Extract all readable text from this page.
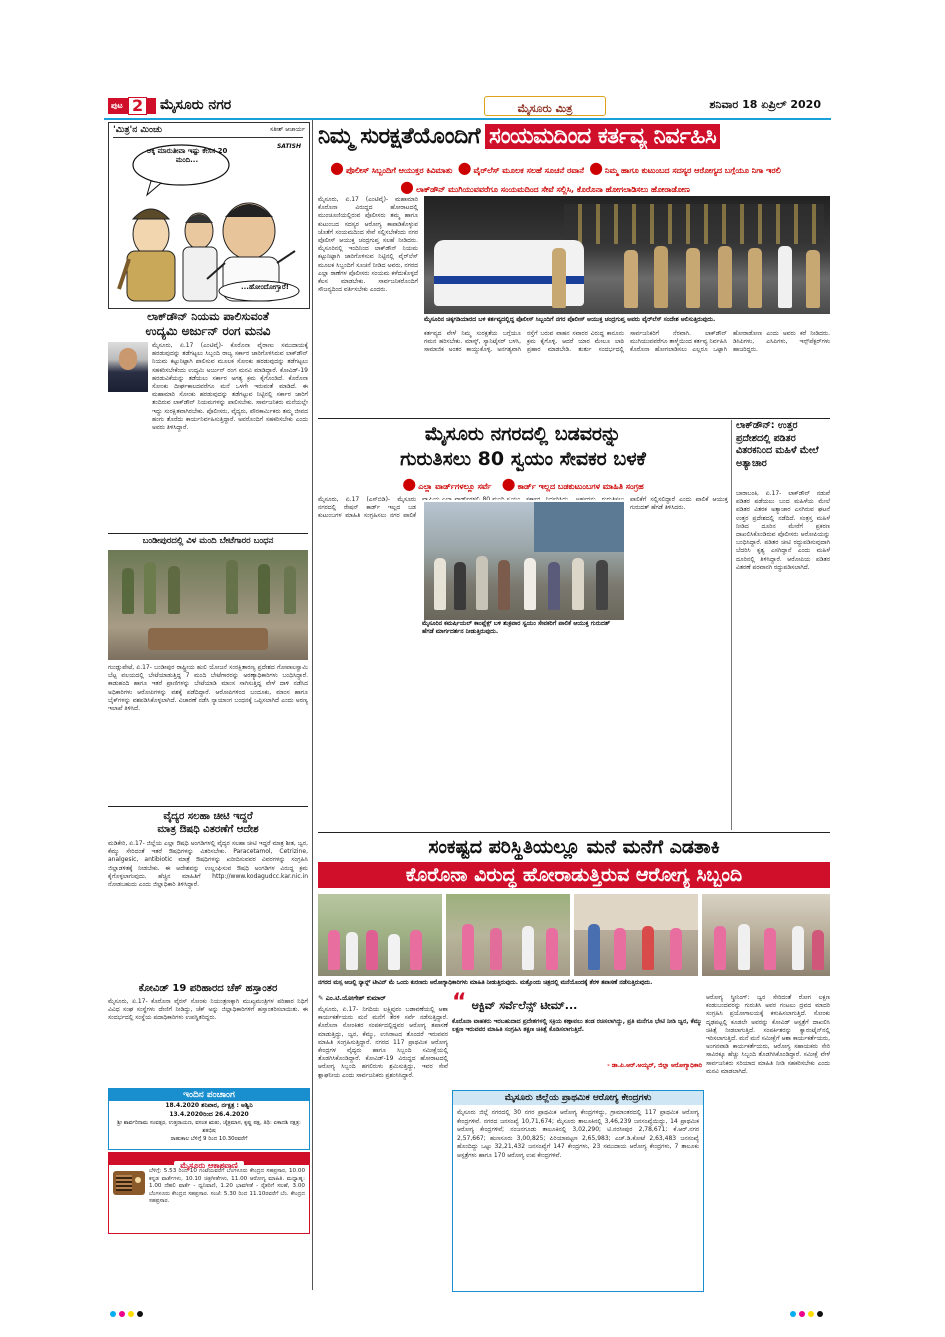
ಪುಟ 2 ಮೈಸೂರು ನಗರ	ಮೈಸೂರು ಮಿತ್ರ	ಶನಿವಾರ 18 ಏಪ್ರಿಲ್ 2020
'ಮಿತ್ರ'ನ ಮಿಂಚು	ಸತೀಶ್ ಆಚಾರ್ಯ
ಅಕ್ಕಿ ಮಾರುತೀವಾ ಇಷ್ಟು ಕೇಸಸ 20 ಮಂದಿ...
...ಹೋಂದೋಗ್ತಾರೆ!
SATISH
ಲಾಕ್‌ಡೌನ್ ನಿಯಮ ಪಾಲಿಸುವಂತೆ
ಉದ್ಯಮಿ ಅರ್ಜುನ್ ರಂಗ ಮನವಿ
ಮೈಸೂರು, ಏ.17 (ಎಂಟಿವೈ)- ಕೊರೊನಾ ವೈರಾಣು ಸಮುದಾಯಕ್ಕೆ ಹರಡುವುದನ್ನು ತಡೆಗಟ್ಟಲು ಸಿಬ್ಬಂದಿ ರಾಜ್ಯ ಸರ್ಕಾರ ಜಾರಿಗೊಳಿಸಿರುವ ಲಾಕ್‌ಡೌನ್ ನಿಯಮ ಕಟ್ಟುನಿಟ್ಟಾಗಿ ಪಾಲಿಸುವ ಮೂಲಕ ಸೋಂಕು ಹರಡುವುದನ್ನು ತಡೆಗಟ್ಟಲು ಸಹಕರಿಸಬೇಕೆಂದು ಉದ್ಯಮಿ ಅರ್ಜುನ್ ರಂಗ ಮನವಿ ಮಾಡಿದ್ದಾರೆ. ಕೋವಿಡ್-19 ಹರಡುವಿಕೆಯನ್ನು ತಡೆಯಲು ಸರ್ಕಾರ ಅಗತ್ಯ ಕ್ರಮ ಕೈಗೊಂಡಿದೆ. ಕೊರೊನಾ ಸೋಂಕು ದೀರ್ಘಕಾಲದವರೆಗೂ ಮನೆ ಒಳಗೇ ಇರುವಂತೆ ಮಾಡಿದೆ. ಈ ಮಹಾಮಾರಿ ಸೋಂಕು ಹರಡುವುದನ್ನು ತಡೆಗಟ್ಟುವ ನಿಟ್ಟಿನಲ್ಲಿ ಸರ್ಕಾರ ಜಾರಿಗೆ ತಂದಿರುವ ಲಾಕ್‌ಡೌನ್ ನಿಯಮಗಳನ್ನು ಪಾಲಿಸಬೇಕು. ಸಾರ್ವಜನಿಕರು ಮನೆಯಲ್ಲೇ ಇದ್ದು ಸುರಕ್ಷಿತವಾಗಿರಬೇಕು. ಪೊಲೀಸರು, ವೈದ್ಯರು, ಪೌರಕಾರ್ಮಿಕರು ತಮ್ಮ ಜೀವದ ಹಂಗು ತೊರೆದು ಕಾರ್ಯನಿರ್ವಹಿಸುತ್ತಿದ್ದಾರೆ. ಅವರೊಂದಿಗೆ ಸಹಕರಿಸಬೇಕು ಎಂದು ಅವರು ತಿಳಿಸಿದ್ದಾರೆ.
ಬಂಡೀಪುರದಲ್ಲಿ ವಿಳ ಮಂದಿ ಬೇಟೆಗಾರರ ಬಂಧನ
ಗುಂಡ್ಲುಪೇಟೆ, ಏ.17- ಬಂಡೀಪುರ ರಾಷ್ಟ್ರೀಯ ಹುಲಿ ಯೋಜನೆ ಸಂರಕ್ಷಿತಾರಣ್ಯ ಪ್ರದೇಶದ ಗೋಪಾಲಸ್ವಾಮಿ ಬೆಟ್ಟ ವಲಯದಲ್ಲಿ ಬೇಟೆಯಾಡುತ್ತಿದ್ದ 7 ಮಂದಿ ಬೇಟೆಗಾರರನ್ನು ಅರಣ್ಯಾಧಿಕಾರಿಗಳು ಬಂಧಿಸಿದ್ದಾರೆ. ಕಾಡುಹಂದಿ ಹಾಗೂ ಇತರೆ ಪ್ರಾಣಿಗಳನ್ನು ಬೇಟೆಯಾಡಿ ಮಾಂಸ ಸಾಗಿಸುತ್ತಿದ್ದ ವೇಳೆ ದಾಳಿ ನಡೆಸಿದ ಅಧಿಕಾರಿಗಳು ಆರೋಪಿಗಳನ್ನು ವಶಕ್ಕೆ ಪಡೆದಿದ್ದಾರೆ. ಆರೋಪಿಗಳಿಂದ ಬಂದೂಕು, ಮಾಂಸ ಹಾಗೂ ಬೈಕ್‌ಗಳನ್ನು ವಶಪಡಿಸಿಕೊಳ್ಳಲಾಗಿದೆ. ವಿಚಾರಣೆ ನಡೆಸಿ ನ್ಯಾಯಾಂಗ ಬಂಧನಕ್ಕೆ ಒಪ್ಪಿಸಲಾಗಿದೆ ಎಂದು ಅರಣ್ಯ ಇಲಾಖೆ ತಿಳಿಸಿದೆ.
ವೈದ್ಯರ ಸಲಹಾ ಚೀಟಿ ಇದ್ದರೆ
ಮಾತ್ರ ಔಷಧಿ ವಿತರಣೆಗೆ ಆದೇಶ
ಮಡಿಕೇರಿ, ಏ.17- ಜಿಲ್ಲೆಯ ಎಲ್ಲಾ ಔಷಧಿ ಅಂಗಡಿಗಳಲ್ಲಿ ವೈದ್ಯರ ಸಲಹಾ ಚೀಟಿ ಇದ್ದರೆ ಮಾತ್ರ ಶೀತ, ಜ್ವರ, ಕೆಮ್ಮು ಸೇರಿದಂತೆ ಇತರೆ ಔಷಧಿಗಳನ್ನು ವಿತರಿಸಬೇಕು. Paracetamol, Cetrizine, analgesic, antibiotic ಮಾತ್ರೆ ಔಷಧಿಗಳನ್ನು ಖರೀದಿಸುವವರ ವಿವರಗಳನ್ನು ಸಂಗ್ರಹಿಸಿ ಜಿಲ್ಲಾಡಳಿತಕ್ಕೆ ನೀಡಬೇಕು. ಈ ಆದೇಶವನ್ನು ಉಲ್ಲಂಘಿಸುವ ಔಷಧಿ ಅಂಗಡಿಗಳ ವಿರುದ್ಧ ಕ್ರಮ ಕೈಗೊಳ್ಳಲಾಗುವುದು. ಹೆಚ್ಚಿನ ಮಾಹಿತಿಗೆ http://www.kodagudcc.kar.nic.in ನೋಡಬಹುದು ಎಂದು ಜಿಲ್ಲಾಧಿಕಾರಿ ತಿಳಿಸಿದ್ದಾರೆ.
ಕೋವಿಡ್ 19 ಪರಿಹಾರದ ಚೆಕ್ ಹಸ್ತಾಂತರ
ಮೈಸೂರು, ಏ.17- ಕೊರೊನಾ ವೈರಸ್ ಸೋಂಕು ನಿಯಂತ್ರಣಕ್ಕಾಗಿ ಮುಖ್ಯಮಂತ್ರಿಗಳ ಪರಿಹಾರ ನಿಧಿಗೆ ವಿವಿಧ ಸಂಘ ಸಂಸ್ಥೆಗಳು ದೇಣಿಗೆ ನೀಡಿದ್ದು, ಚೆಕ್ ಅನ್ನು ಜಿಲ್ಲಾಧಿಕಾರಿಗಳಿಗೆ ಹಸ್ತಾಂತರಿಸಲಾಯಿತು. ಈ ಸಂದರ್ಭದಲ್ಲಿ ಸಂಸ್ಥೆಯ ಪದಾಧಿಕಾರಿಗಳು ಉಪಸ್ಥಿತರಿದ್ದರು.
ಇಂದಿನ ಪಂಚಾಂಗ
18.4.2020 ಶನಿವಾರ, ರ್ನಕ್ಷತ್ರ : ಅಶ್ವಿನಿ
13.4.2020ರಿಂದ 26.4.2020
ಶ್ರೀ ಶಾರ್ವರಿನಾಮ ಸಂವತ್ಸರ, ಉತ್ತರಾಯಣ, ವಸಂತ ಋತು, ಚೈತ್ರಮಾಸ, ಕೃಷ್ಣ ಪಕ್ಷ, ತಿಥಿ: ಏಕಾದಶಿ ನಕ್ಷತ್ರ: ಶತಭಿಷ
ರಾಹುಕಾಲ ಬೆಳಿಗ್ಗೆ 9 ರಿಂದ 10.30ರವರೆಗೆ
ಮೈಸೂರು ಆಕಾಶವಾಣಿ
ಬೆಳಿಗ್ಗೆ: 5.53 ರಿಂದ 10 ಗಂಟೆಯವರೆಗೆ ಬೆಂಗಳೂರು ಕೇಂದ್ರದ ಸಹಪ್ರಸಾರ, 10.00 ಕನ್ನಡ ವಾರ್ತೆಗಳು, 10.10 ಚಿತ್ರಗೀತೆಗಳು, 11.00 ಆರೋಗ್ಯ ಮಾಹಿತಿ. ಮಧ್ಯಾಹ್ನ: 1.00 ದೆಹಲಿ ವಾರ್ತೆ - ಧ್ವನಿವಾಣಿ, 1.20 ಭಾವಗೀತೆ - ರೈತರಿಗೆ ಸಲಹೆ, 3.00 ಬೆಂಗಳೂರು ಕೇಂದ್ರದ ಸಹಪ್ರಸಾರ. ಸಂಜೆ: 5.30 ರಿಂದ 11.10ರವರೆಗೆ ಬೆಂ. ಕೇಂದ್ರದ ಸಹಪ್ರಸಾರ.
ನಿಮ್ಮ ಸುರಕ್ಷತೆಯೊಂದಿಗೆ ಸಂಯಮದಿಂದ ಕರ್ತವ್ಯ ನಿರ್ವಹಿಸಿ
● ಪೊಲೀಸ್ ಸಿಬ್ಬಂದಿಗೆ ಆಯುಕ್ತರ ಕಿವಿಮಾತು ● ವೈರ್‌ಲೆಸ್ ಮೂಲಕ ಸಲಹೆ ಸೂಚನೆ ರವಾನೆ ● ನಿಮ್ಮ ಹಾಗೂ ಕುಟುಂಬದ ಸದಸ್ಯರ ಆರೋಗ್ಯದ ಬಗ್ಗೆಯೂ ನಿಗಾ ಇರಲಿ
● ಲಾಕ್‌ಡೌನ್ ಮುಗಿಯುವವರೆಗೂ ಸಂಯಮದಿಂದ ಸೇವೆ ಸಲ್ಲಿಸಿ, ಕೊರೊನಾ ಹೋಗಲಾಡಿಸಲು ಹೋರಾಡೋಣ
ಮೈಸೂರು, ಏ.17 (ಎಂಟಿವೈ)- ಮಹಾಮಾರಿ ಕೊರೊನಾ ವಿರುದ್ಧದ ಹೋರಾಟದಲ್ಲಿ ಮುಂಚೂಣಿಯಲ್ಲಿರುವ ಪೊಲೀಸರು ತಮ್ಮ ಹಾಗೂ ಕುಟುಂಬದ ಸದಸ್ಯರ ಆರೋಗ್ಯ ಕಾಪಾಡಿಕೊಳ್ಳುವ ಜೊತೆಗೆ ಸಂಯಮದಿಂದ ಸೇವೆ ಸಲ್ಲಿಸಬೇಕೆಂದು ನಗರ ಪೊಲೀಸ್ ಆಯುಕ್ತ ಚಂದ್ರಗುಪ್ತ ಸಲಹೆ ನೀಡಿದರು. ಮೈಸೂರಿನಲ್ಲಿ ಇಂದಿನಿಂದ ಲಾಕ್‌ಡೌನ್ ನಿಯಮ ಕಟ್ಟುನಿಟ್ಟಾಗಿ ಜಾರಿಗೊಳಿಸುವ ನಿಟ್ಟಿನಲ್ಲಿ ವೈರ್‌ಲೆಸ್ ಮೂಲಕ ಸಿಬ್ಬಂದಿಗೆ ಸೂಚನೆ ನೀಡಿದ ಅವರು, ನಗರದ ಎಲ್ಲಾ ಠಾಣೆಗಳ ಪೊಲೀಸರು ಸಂಯಮ ಕಳೆದುಕೊಳ್ಳದೆ ಕೆಲಸ ಮಾಡಬೇಕು. ಸಾರ್ವಜನಿಕರೊಂದಿಗೆ ಸೌಜನ್ಯದಿಂದ ವರ್ತಿಸಬೇಕು ಎಂದರು.
ಮೈಸೂರಿನ ಚಿಕ್ಕಗಡಿಯಾರದ ಬಳಿ ಕರ್ತವ್ಯದಲ್ಲಿದ್ದ ಪೊಲೀಸ್ ಸಿಬ್ಬಂದಿಗೆ ನಗರ ಪೊಲೀಸ್ ಆಯುಕ್ತ ಚಂದ್ರಗುಪ್ತ ಅವರು ವೈರ್‌ಲೆಸ್ ಸಂದೇಶ ಆಲಿಸುತ್ತಿರುವುದು.
ಕರ್ತವ್ಯದ ವೇಳೆ ನಿಮ್ಮ ಸುರಕ್ಷತೆಯ ಬಗ್ಗೆಯೂ ಗಮನ ಹರಿಸಬೇಕು. ಮಾಸ್ಕ್, ಸ್ಯಾನಿಟೈಸರ್ ಬಳಸಿ, ಸಾಮಾಜಿಕ ಅಂತರ ಕಾಯ್ದುಕೊಳ್ಳಿ. ಅನಗತ್ಯವಾಗಿ ರಸ್ತೆಗೆ ಬರುವ ವಾಹನ ಸವಾರರ ವಿರುದ್ಧ ಕಾನೂನು ಕ್ರಮ ಕೈಗೊಳ್ಳಿ. ಆದರೆ ಯಾರ ಮೇಲೂ ಲಾಠಿ ಪ್ರಹಾರ ಮಾಡಬೇಡಿ. ತುರ್ತು ಸಂದರ್ಭದಲ್ಲಿ ಸಾರ್ವಜನಿಕರಿಗೆ ನೆರವಾಗಿ. ಲಾಕ್‌ಡೌನ್ ಮುಗಿಯುವವರೆಗೂ ತಾಳ್ಮೆಯಿಂದ ಕರ್ತವ್ಯ ನಿರ್ವಹಿಸಿ ಕೊರೊನಾ ಹೋಗಲಾಡಿಸಲು ಎಲ್ಲರೂ ಒಟ್ಟಾಗಿ ಹೋರಾಡೋಣ ಎಂದು ಅವರು ಕರೆ ನೀಡಿದರು. ಡಿಸಿಪಿಗಳು, ಎಸಿಪಿಗಳು, ಇನ್ಸ್‌ಪೆಕ್ಟರ್‌ಗಳು ಹಾಜರಿದ್ದರು.
ಮೈಸೂರು ನಗರದಲ್ಲಿ ಬಡವರನ್ನು
ಗುರುತಿಸಲು 80 ಸ್ವಯಂ ಸೇವಕರ ಬಳಕೆ
● ಎಲ್ಲಾ ವಾರ್ಡ್‌ಗಳಲ್ಲೂ ಸರ್ವೆ ● ಕಾರ್ಡ್ ಇಲ್ಲದ ಬಡಕುಟುಂಬಗಳ ಮಾಹಿತಿ ಸಂಗ್ರಹ
ಮೈಸೂರು, ಏ.17 (ಎಸ್‌ಬಿಡಿ)- ಮೈಸೂರು ನಗರದಲ್ಲಿ ರೇಷನ್ ಕಾರ್ಡ್ ಇಲ್ಲದ ಬಡ ಕುಟುಂಬಗಳ ಮಾಹಿತಿ ಸಂಗ್ರಹಿಸಲು ನಗರ ಪಾಲಿಕೆ ಪಾಲಿಕೆಗೆ ಸಲ್ಲಿಸಲಿದ್ದಾರೆ ಎಂದು ಪಾಲಿಕೆ ಆಯುಕ್ತ ಗುರುದತ್ ಹೆಗಡೆ ತಿಳಿಸಿದರು.
ಮೈಸೂರಿನ ಕಮರ್ಷಿಯಲ್ ಕಾಂಪ್ಲೆಕ್ಸ್ ಬಳಿ ಶುಕ್ರವಾರ ಸ್ವಯಂ ಸೇವಕರಿಗೆ ಪಾಲಿಕೆ ಆಯುಕ್ತ ಗುರುದತ್ ಹೆಗಡೆ ಮಾರ್ಗದರ್ಶನ ನೀಡುತ್ತಿರುವುದು.
ಲಾಕ್‌ಡೌನ್: ಉತ್ತರ ಪ್ರದೇಶದಲ್ಲಿ ಪಡಿತರ ವಿತರಕನಿಂದ ಮಹಿಳೆ ಮೇಲೆ ಅತ್ಯಾಚಾರ
ಬಾರಾಬಂಕಿ, ಏ.17- ಲಾಕ್‌ಡೌನ್ ನಡುವೆ ಪಡಿತರ ಪಡೆಯಲು ಬಂದ ಮಹಿಳೆಯ ಮೇಲೆ ಪಡಿತರ ವಿತರಕ ಅತ್ಯಾಚಾರ ಎಸಗಿರುವ ಘಟನೆ ಉತ್ತರ ಪ್ರದೇಶದಲ್ಲಿ ನಡೆದಿದೆ. ಸಂತ್ರಸ್ತ ಮಹಿಳೆ ನೀಡಿದ ದೂರಿನ ಮೇರೆಗೆ ಪ್ರಕರಣ ದಾಖಲಿಸಿಕೊಂಡಿರುವ ಪೊಲೀಸರು ಆರೋಪಿಯನ್ನು ಬಂಧಿಸಿದ್ದಾರೆ. ಪಡಿತರ ಚೀಟಿ ರದ್ದುಪಡಿಸುವುದಾಗಿ ಬೆದರಿಸಿ ಕೃತ್ಯ ಎಸಗಿದ್ದಾನೆ ಎಂದು ಮಹಿಳೆ ದೂರಿನಲ್ಲಿ ತಿಳಿಸಿದ್ದಾರೆ. ಆರೋಪಿಯ ಪಡಿತರ ವಿತರಣೆ ಪರವಾನಗಿ ರದ್ದುಪಡಿಸಲಾಗಿದೆ.
ಸಂಕಷ್ಟದ ಪರಿಸ್ಥಿತಿಯಲ್ಲೂ ಮನೆ ಮನೆಗೆ ಎಡತಾಕಿ
ಕೊರೊನಾ ವಿರುದ್ಧ ಹೋರಾಡುತ್ತಿರುವ ಆರೋಗ್ಯ ಸಿಬ್ಬಂದಿ
ನಗರದ ಮಸ್ಸ ಅಜಲ್ಲಿ ನ್ಯಾನ್ನ್ ಟೀವಿನ್ ಮೆ ಒಂದು ಕುರಣದು ಆರೋಗ್ಯಾಧಿಕಾರಿಗಳು ಮಾಹಿತಿ ನೀಡುತ್ತಿರುವುದು. ಮತ್ತೊಂದು ಚಿತ್ರದಲ್ಲಿ ಮನೆಯೊಂದಕ್ಕೆ ತೆರಳಿ ತಪಾಸಣೆ ನಡೆಸುತ್ತಿರುವುದು.
✎ ಎಂ.ಟಿ.ಯೋಗೇಶ್ ಕುಮಾರ್
ಮೈಸೂರು, ಏ.17- ನಿಗದಿಯ ಲಕ್ಷ್ಮಿಪುರಂ ಬಡಾವಣೆಯಲ್ಲಿ ಆಶಾ ಕಾರ್ಯಕರ್ತೆಯರು ಮನೆ ಮನೆಗೆ ತೆರಳಿ ಸರ್ವೆ ನಡೆಸುತ್ತಿದ್ದಾರೆ. ಕೊರೊನಾ ಸೋಂಕಿತರ ಸಂಪರ್ಕದಲ್ಲಿದ್ದವರ ಆರೋಗ್ಯ ತಪಾಸಣೆ ಮಾಡುತ್ತಿದ್ದು, ಜ್ವರ, ಕೆಮ್ಮು, ಉಸಿರಾಟದ ತೊಂದರೆ ಇರುವವರ ಮಾಹಿತಿ ಸಂಗ್ರಹಿಸುತ್ತಿದ್ದಾರೆ. ನಗರದ 117 ಪ್ರಾಥಮಿಕ ಆರೋಗ್ಯ ಕೇಂದ್ರಗಳ ವೈದ್ಯರು ಹಾಗೂ ಸಿಬ್ಬಂದಿ ಸಮೀಕ್ಷೆಯಲ್ಲಿ ತೊಡಗಿಸಿಕೊಂಡಿದ್ದಾರೆ. ಕೋವಿಡ್-19 ವಿರುದ್ಧದ ಹೋರಾಟದಲ್ಲಿ ಆರೋಗ್ಯ ಸಿಬ್ಬಂದಿ ಹಗಲಿರುಳು ಶ್ರಮಿಸುತ್ತಿದ್ದು, ಇವರ ಸೇವೆ ಶ್ಲಾಘನೀಯ ಎಂದು ಸಾರ್ವಜನಿಕರು ಪ್ರಶಂಸಿಸಿದ್ದಾರೆ.
“ ಆಕ್ಟಿವ್ ಸರ್ವೆಲೆನ್ಸ್ ಟೀಮ್...
ಕೊರೊನಾ ವಾಹಕರು ಇರಬಹುದಾದ ಪ್ರದೇಶಗಳಲ್ಲಿ ಸಕ್ರಿಯ ಕಣ್ಗಾವಲು ತಂಡ ರಚಿಸಲಾಗಿದ್ದು, ಪ್ರತಿ ಮನೆಗೂ ಭೇಟಿ ನೀಡಿ ಜ್ವರ, ಕೆಮ್ಮು ಲಕ್ಷಣ ಇರುವವರ ಮಾಹಿತಿ ಸಂಗ್ರಹಿಸಿ ತಕ್ಷಣ ಚಿಕಿತ್ಸೆ ಕೊಡಿಸಲಾಗುತ್ತಿದೆ.
- ಡಾ.ಪಿ.ಆರ್.ಅಯ್ಯರ್, ಜಿಲ್ಲಾ ಆರೋಗ್ಯಾಧಿಕಾರಿ
ಮೈಸೂರು ಜಿಲ್ಲೆಯ ಪ್ರಾಥಮಿಕ ಆರೋಗ್ಯ ಕೇಂದ್ರಗಳು
ಮೈಸೂರು ಜಿಲ್ಲೆ ನಗರದಲ್ಲಿ 30 ನಗರ ಪ್ರಾಥಮಿಕ ಆರೋಗ್ಯ ಕೇಂದ್ರಗಳಿದ್ದು, ಗ್ರಾಮಾಂತರದಲ್ಲಿ 117 ಪ್ರಾಥಮಿಕ ಆರೋಗ್ಯ ಕೇಂದ್ರಗಳಿವೆ. ನಗರದ ಜನಸಂಖ್ಯೆ 10,71,674; ಮೈಸೂರು ತಾಲೂಕಿನಲ್ಲಿ 3,46,239 ಜನಸಂಖ್ಯೆಯಿದ್ದು, 14 ಪ್ರಾಥಮಿಕ ಆರೋಗ್ಯ ಕೇಂದ್ರಗಳಿವೆ; ನಂಜನಗೂಡು ತಾಲೂಕಿನಲ್ಲಿ 3,02,290; ಟಿ.ನರಸೀಪುರ 2,78,671; ಕೆ.ಆರ್.ನಗರ 2,57,667; ಹುಣಸೂರು 3,00,825; ಪಿರಿಯಾಪಟ್ಟಣ 2,65,983; ಎಚ್.ಡಿ.ಕೋಟೆ 2,63,483 ಜನಸಂಖ್ಯೆ ಹೊಂದಿದ್ದು ಒಟ್ಟು 32,21,432 ಜನಸಂಖ್ಯೆಗೆ 147 ಕೇಂದ್ರಗಳು, 23 ಸಮುದಾಯ ಆರೋಗ್ಯ ಕೇಂದ್ರಗಳು, 7 ತಾಲೂಕು ಆಸ್ಪತ್ರೆಗಳು ಹಾಗೂ 170 ಆರೋಗ್ಯ ಉಪ ಕೇಂದ್ರಗಳಿವೆ.
ಆರೋಗ್ಯ ಸ್ಕ್ರೀನಿಂಗ್: ಜ್ವರ ಸೇರಿದಂತೆ ರೋಗ ಲಕ್ಷಣ ಕಂಡುಬಂದವರನ್ನು ಗುರುತಿಸಿ ಅವರ ಗಂಟಲು ದ್ರವದ ಮಾದರಿ ಸಂಗ್ರಹಿಸಿ ಪ್ರಯೋಗಾಲಯಕ್ಕೆ ಕಳುಹಿಸಲಾಗುತ್ತಿದೆ. ಸೋಂಕು ದೃಢಪಟ್ಟಲ್ಲಿ ಕೂಡಲೇ ಅವರನ್ನು ಕೋವಿಡ್ ಆಸ್ಪತ್ರೆಗೆ ದಾಖಲಿಸಿ ಚಿಕಿತ್ಸೆ ನೀಡಲಾಗುತ್ತಿದೆ. ಸಂಪರ್ಕಿತರನ್ನು ಕ್ವಾರಂಟೈನ್‌ನಲ್ಲಿ ಇರಿಸಲಾಗುತ್ತಿದೆ. ಮನೆ ಮನೆ ಸಮೀಕ್ಷೆಗೆ ಆಶಾ ಕಾರ್ಯಕರ್ತೆಯರು, ಅಂಗನವಾಡಿ ಕಾರ್ಯಕರ್ತೆಯರು, ಆರೋಗ್ಯ ಸಹಾಯಕರು ಸೇರಿ ಸಾವಿರಕ್ಕೂ ಹೆಚ್ಚು ಸಿಬ್ಬಂದಿ ತೊಡಗಿಸಿಕೊಂಡಿದ್ದಾರೆ. ಸಮೀಕ್ಷೆ ವೇಳೆ ಸಾರ್ವಜನಿಕರು ಸರಿಯಾದ ಮಾಹಿತಿ ನೀಡಿ ಸಹಕರಿಸಬೇಕು ಎಂದು ಮನವಿ ಮಾಡಲಾಗಿದೆ.
